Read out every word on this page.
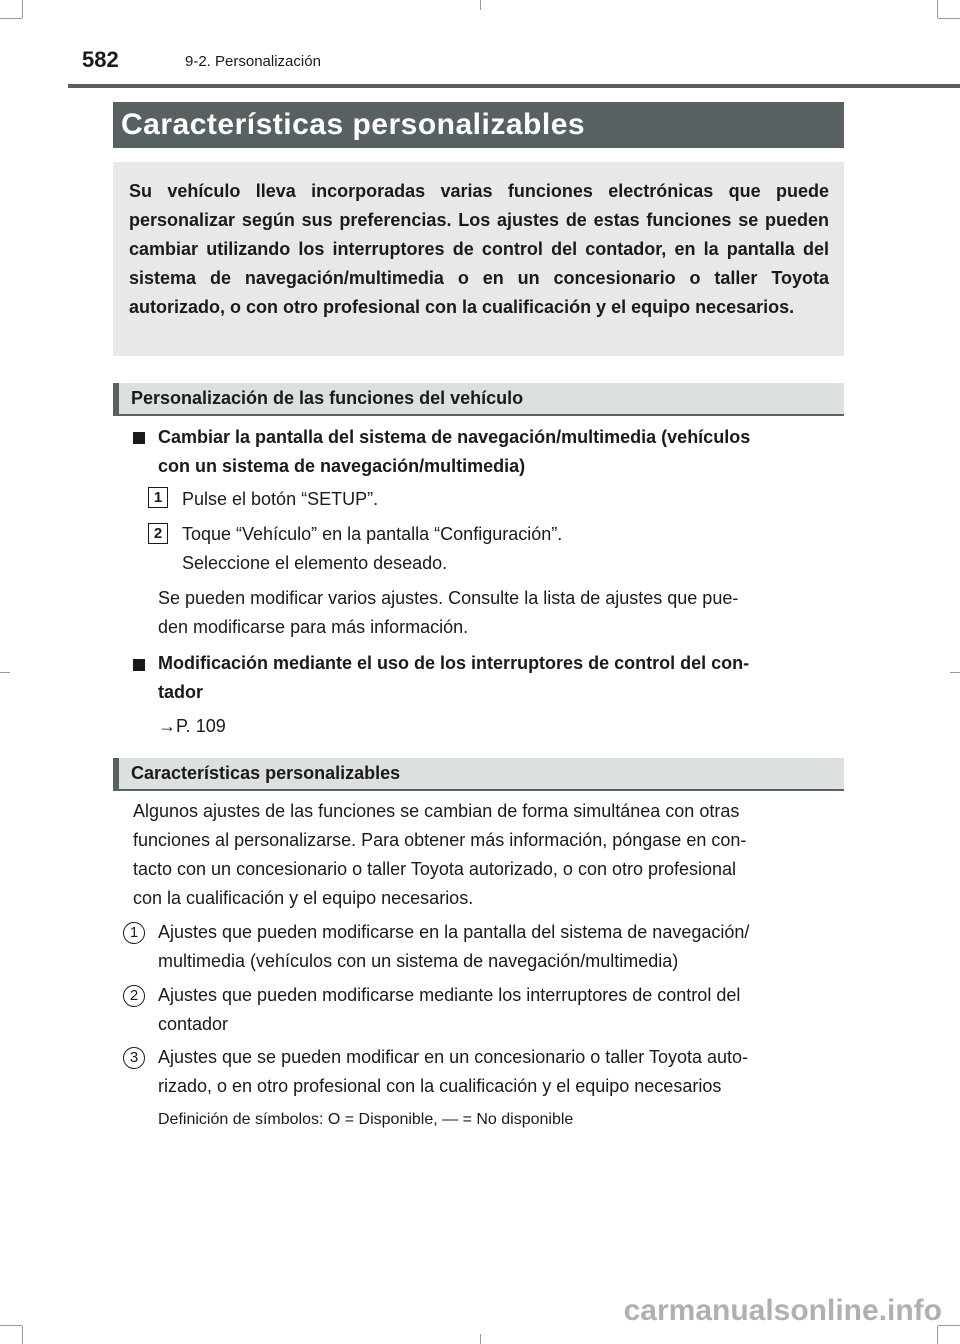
582	9-2. Personalización
Características personalizables

Su vehículo lleva incorporadas varias funciones electrónicas que puede personalizar según sus preferencias. Los ajustes de estas funciones se pueden cambiar utilizando los interruptores de control del contador, en la pantalla del sistema de navegación/multimedia o en un concesionario o taller Toyota autorizado, o con otro profesional con la cualificación y el equipo necesarios.

Personalización de las funciones del vehículo
Cambiar la pantalla del sistema de navegación/multimedia (vehículos
con un sistema de navegación/multimedia)
1	Pulse el botón “SETUP”.
2	Toque “Vehículo” en la pantalla “Configuración”.
Seleccione el elemento deseado.
Se pueden modificar varios ajustes. Consulte la lista de ajustes que pue-
den modificarse para más información.
Modificación mediante el uso de los interruptores de control del con-
tador
→P. 109
Características personalizables
Algunos ajustes de las funciones se cambian de forma simultánea con otras
funciones al personalizarse. Para obtener más información, póngase en con-
tacto con un concesionario o taller Toyota autorizado, o con otro profesional
con la cualificación y el equipo necesarios.
1	Ajustes que pueden modificarse en la pantalla del sistema de navegación/
multimedia (vehículos con un sistema de navegación/multimedia)
2	Ajustes que pueden modificarse mediante los interruptores de control del
contador
3	Ajustes que se pueden modificar en un concesionario o taller Toyota auto-
rizado, o en otro profesional con la cualificación y el equipo necesarios
Definición de símbolos: O = Disponible, — = No disponible
carmanualsonline.info
